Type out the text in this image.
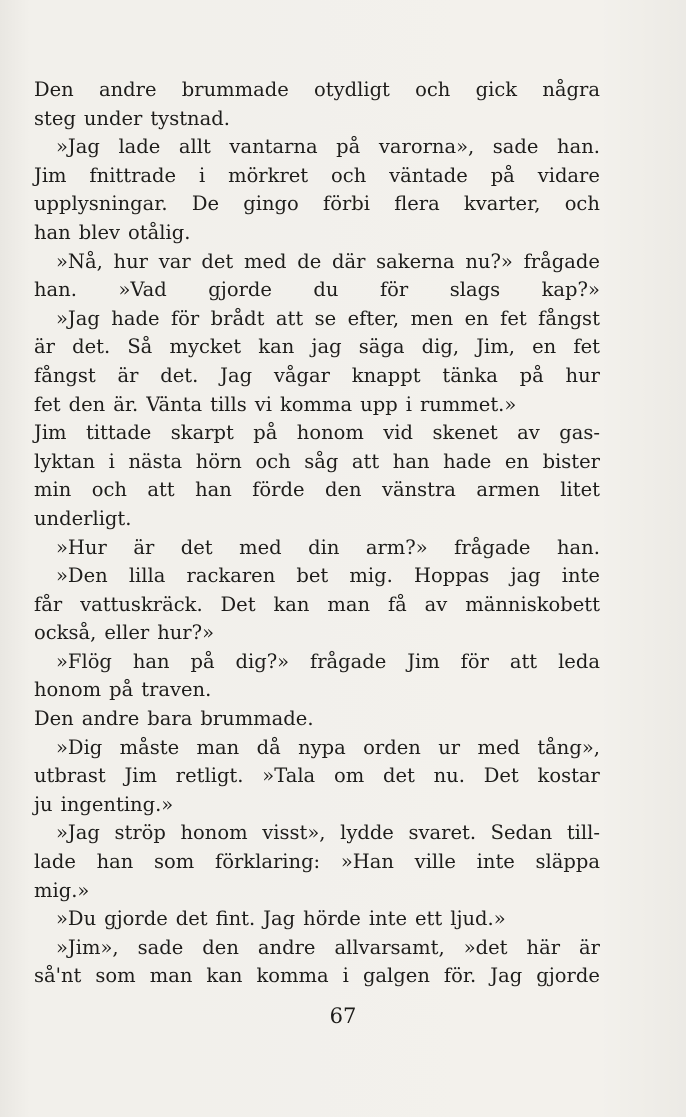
Den andre brummade otydligt och gick några
steg under tystnad.
»Jag lade allt vantarna på varorna», sade han.
Jim fnittrade i mörkret och väntade på vidare
upplysningar. De gingo förbi flera kvarter, och
han blev otålig.
»Nå, hur var det med de där sakerna nu?» frågade
han. »Vad gjorde du för slags kap?»
»Jag hade för brådt att se efter, men en fet fångst
är det. Så mycket kan jag säga dig, Jim, en fet
fångst är det. Jag vågar knappt tänka på hur
fet den är. Vänta tills vi komma upp i rummet.»
Jim tittade skarpt på honom vid skenet av gas-
lyktan i nästa hörn och såg att han hade en bister
min och att han förde den vänstra armen litet
underligt.
»Hur är det med din arm?» frågade han.
»Den lilla rackaren bet mig. Hoppas jag inte
får vattuskräck. Det kan man få av människobett
också, eller hur?»
»Flög han på dig?» frågade Jim för att leda
honom på traven.
Den andre bara brummade.
»Dig måste man då nypa orden ur med tång»,
utbrast Jim retligt. »Tala om det nu. Det kostar
ju ingenting.»
»Jag ströp honom visst», lydde svaret. Sedan till-
lade han som förklaring: »Han ville inte släppa
mig.»
»Du gjorde det fint. Jag hörde inte ett ljud.»
»Jim», sade den andre allvarsamt, »det här är
så'nt som man kan komma i galgen för. Jag gjorde
67
